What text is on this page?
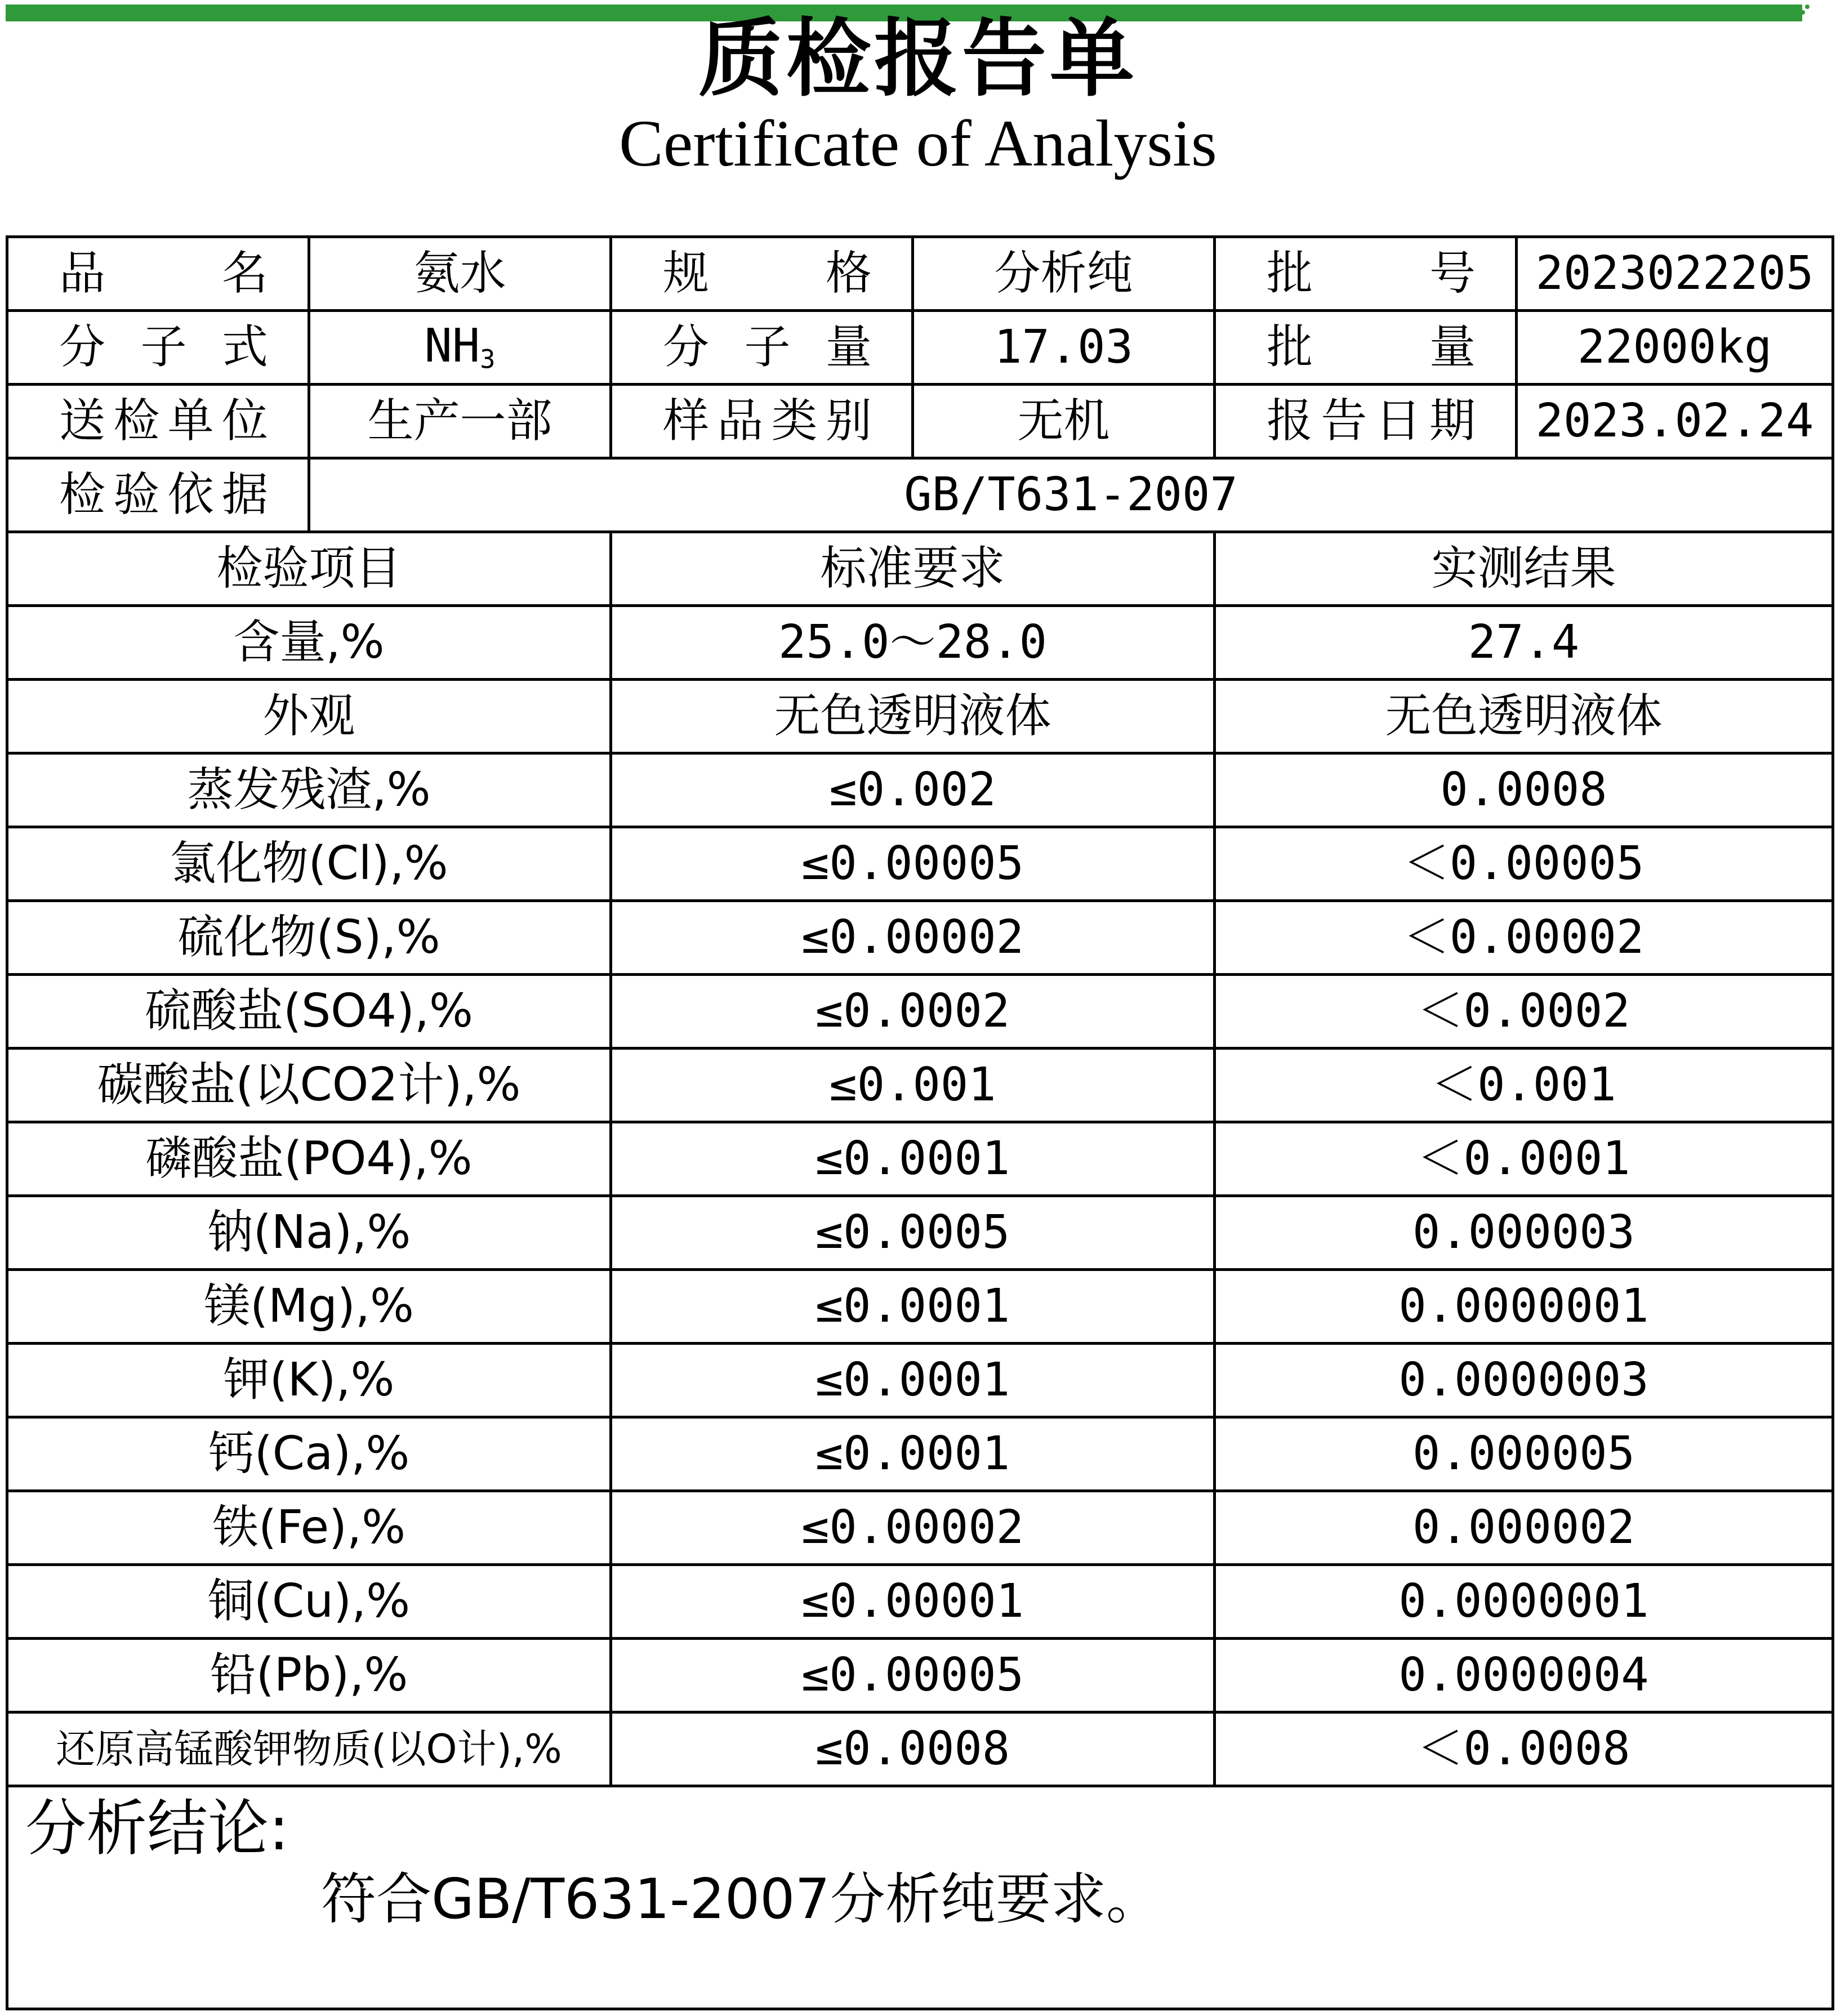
质检报告单
Certificate of Analysis
品 名	氨水	规 格	分析纯	批 号	2023022205
分 子 式	$NH_3$	分 子 量	17.03	批 量	22000kg
送检单位	生产一部	样品类别	无机	报告日期	2023.02.24
检验依据	GB/T631-2007				
检验项目		标准要求		实测结果	
含量,%		25.0～28.0		27.4	
外观		无色透明液体		无色透明液体	
蒸发残渣,%		≤0.002		0.0008	
氯化物(Cl),%		≤0.00005		＜0.00005	
硫化物(S),%		≤0.00002		＜0.00002	
硫酸盐(SO4),%		≤0.0002		＜0.0002	
碳酸盐(以CO2计),%		≤0.001		＜0.001	
磷酸盐(PO4),%		≤0.0001		＜0.0001	
钠(Na),%		≤0.0005		0.000003	
镁(Mg),%		≤0.0001		0.0000001	
钾(K),%		≤0.0001		0.0000003	
钙(Ca),%		≤0.0001		0.000005	
铁(Fe),%		≤0.00002		0.000002	
铜(Cu),%		≤0.00001		0.0000001	
铅(Pb),%		≤0.00005		0.0000004	
还原高锰酸钾物质(以O计),%		≤0.0008		＜0.0008	

分析结论:
符合GB/T631-2007分析纯要求。					
